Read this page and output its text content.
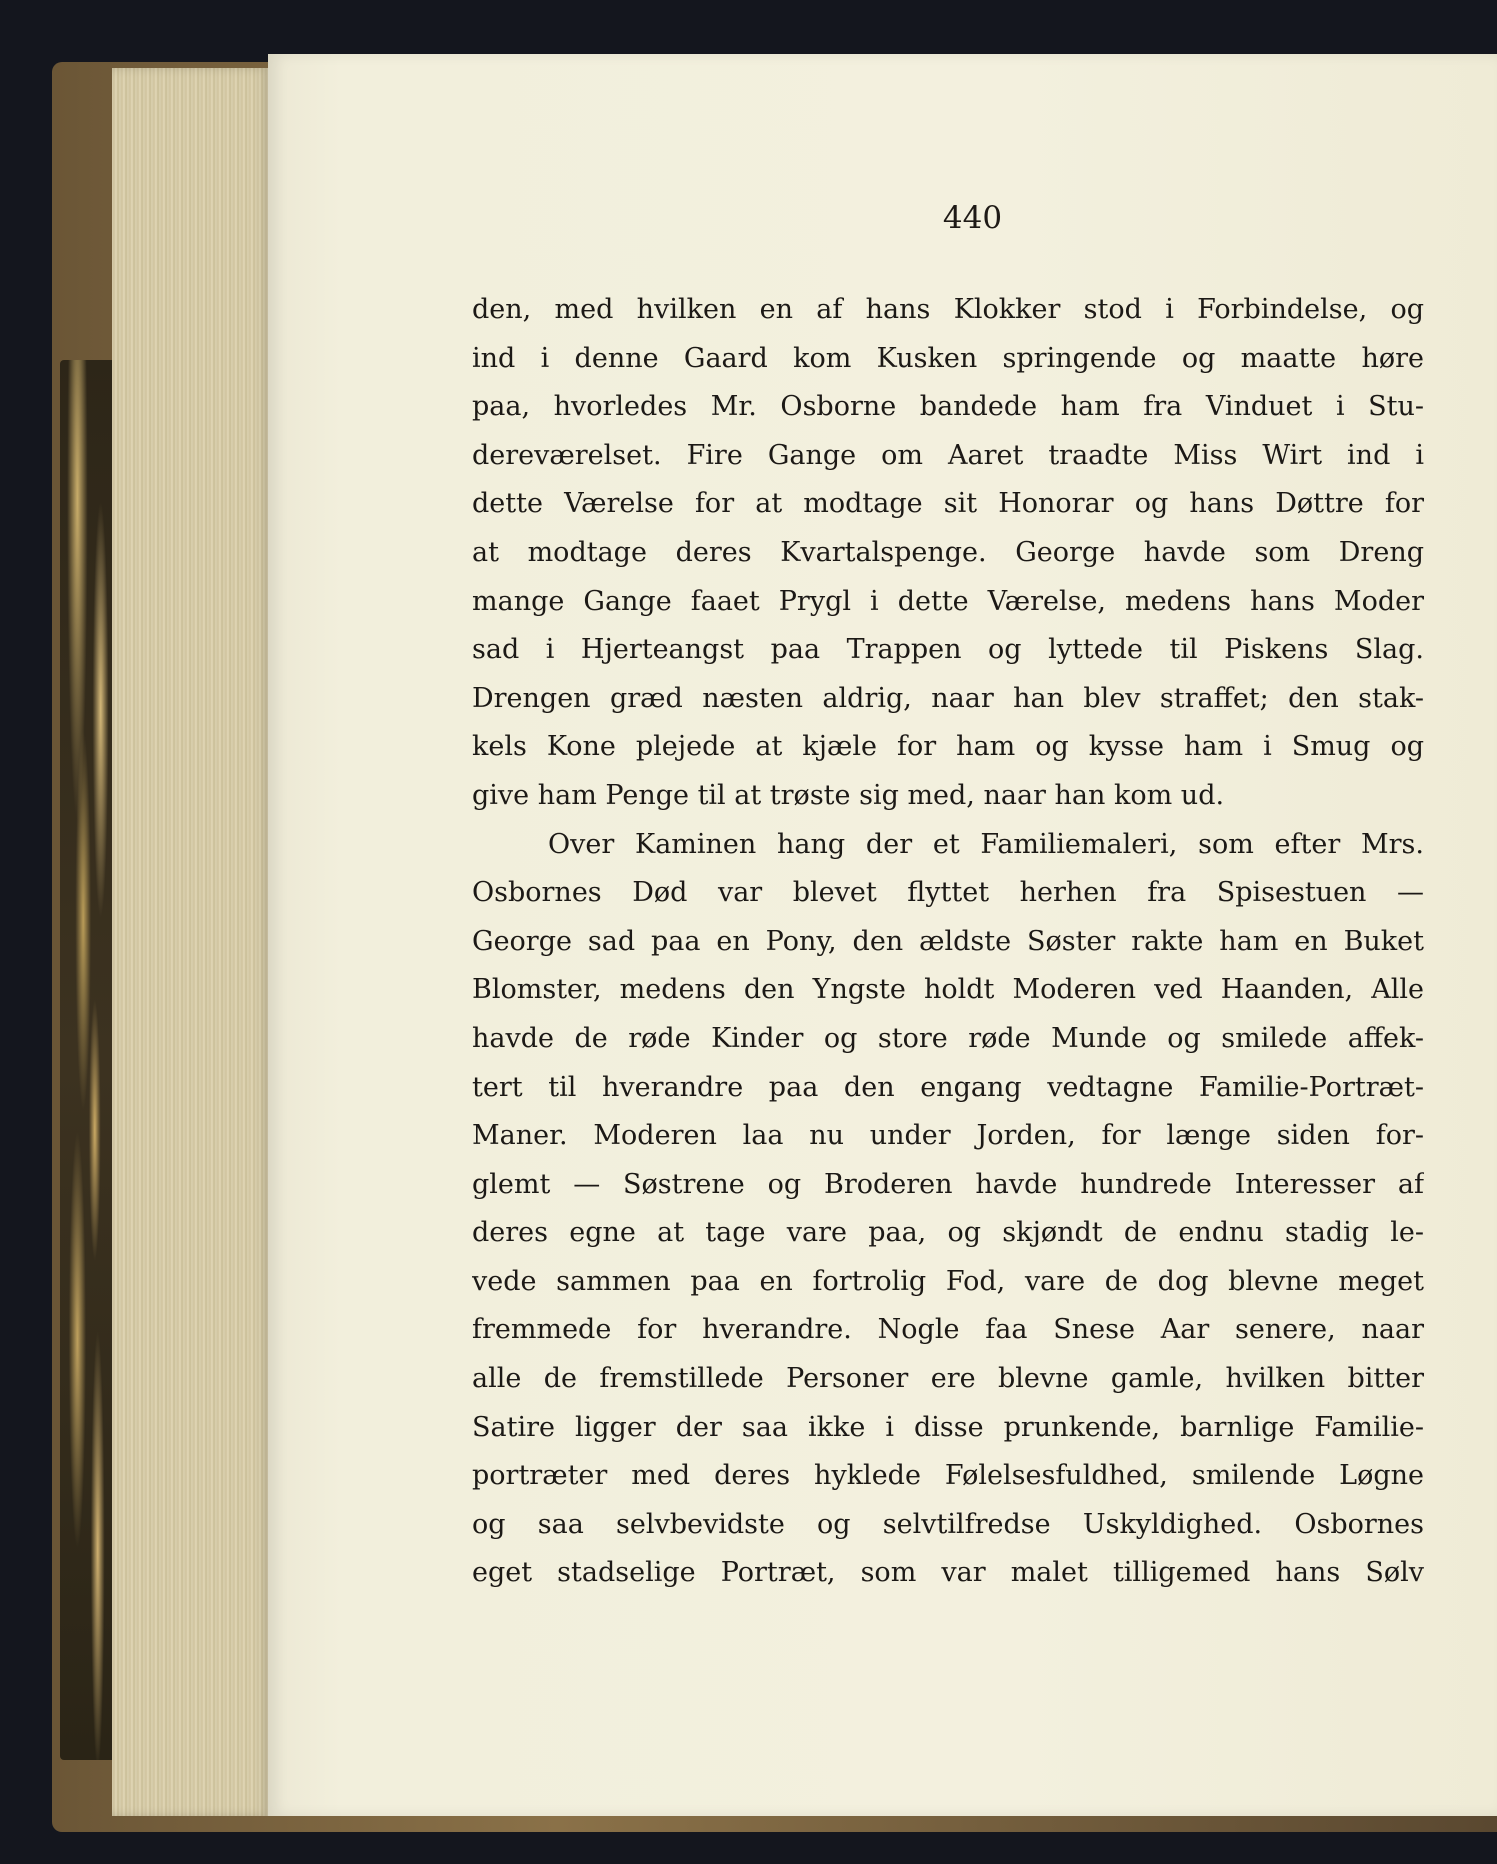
440
den, med hvilken en af hans Klokker stod i Forbindelse, og
ind i denne Gaard kom Kusken springende og maatte høre
paa, hvorledes Mr. Osborne bandede ham fra Vinduet i Stu-
dereværelset. Fire Gange om Aaret traadte Miss Wirt ind i
dette Værelse for at modtage sit Honorar og hans Døttre for
at modtage deres Kvartalspenge. George havde som Dreng
mange Gange faaet Prygl i dette Værelse, medens hans Moder
sad i Hjerteangst paa Trappen og lyttede til Piskens Slag.
Drengen græd næsten aldrig, naar han blev straffet; den stak-
kels Kone plejede at kjæle for ham og kysse ham i Smug og
give ham Penge til at trøste sig med, naar han kom ud.
Over Kaminen hang der et Familiemaleri, som efter Mrs.
Osbornes Død var blevet flyttet herhen fra Spisestuen —
George sad paa en Pony, den ældste Søster rakte ham en Buket
Blomster, medens den Yngste holdt Moderen ved Haanden, Alle
havde de røde Kinder og store røde Munde og smilede affek-
tert til hverandre paa den engang vedtagne Familie-Portræt-
Maner. Moderen laa nu under Jorden, for længe siden for-
glemt — Søstrene og Broderen havde hundrede Interesser af
deres egne at tage vare paa, og skjøndt de endnu stadig le-
vede sammen paa en fortrolig Fod, vare de dog blevne meget
fremmede for hverandre. Nogle faa Snese Aar senere, naar
alle de fremstillede Personer ere blevne gamle, hvilken bitter
Satire ligger der saa ikke i disse prunkende, barnlige Familie-
portræter med deres hyklede Følelsesfuldhed, smilende Løgne
og saa selvbevidste og selvtilfredse Uskyldighed. Osbornes
eget stadselige Portræt, som var malet tilligemed hans Sølv
